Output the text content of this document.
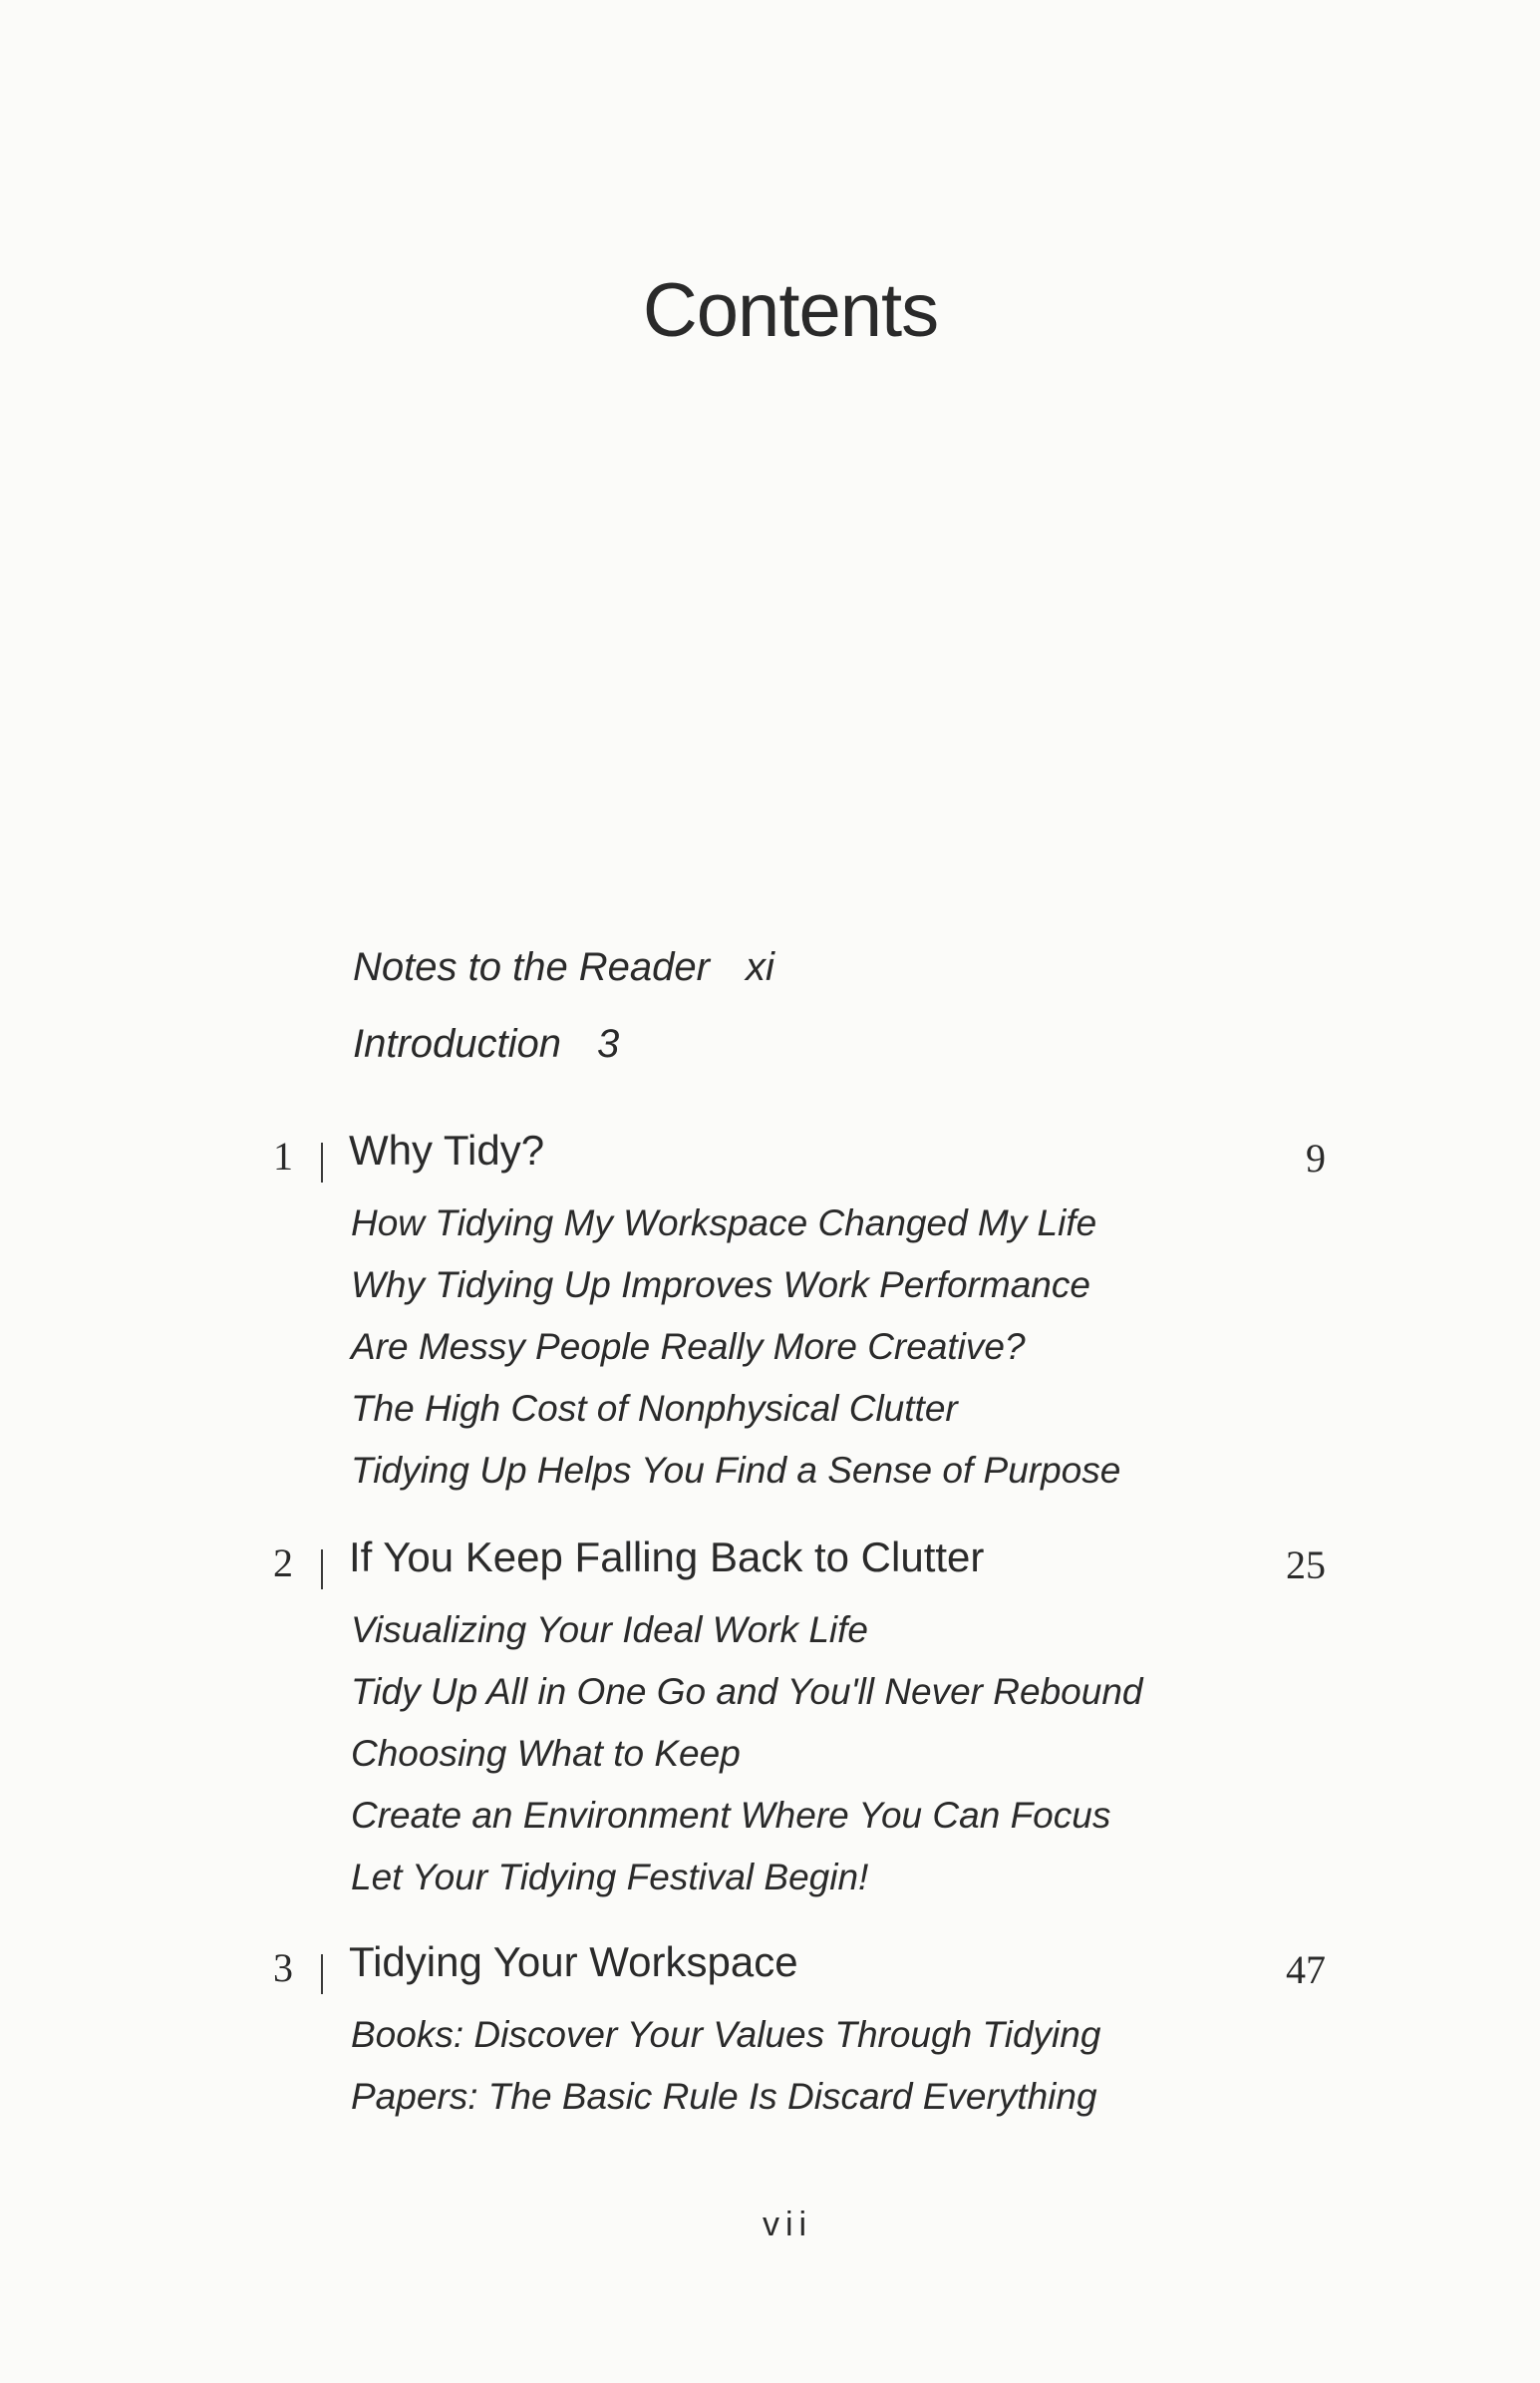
Contents
Notes to the Reader xi
Introduction 3
1 Why Tidy?	9
How Tidying My Workspace Changed My Life
Why Tidying Up Improves Work Performance
Are Messy People Really More Creative?
The High Cost of Nonphysical Clutter
Tidying Up Helps You Find a Sense of Purpose
2 If You Keep Falling Back to Clutter	25
Visualizing Your Ideal Work Life
Tidy Up All in One Go and You'll Never Rebound
Choosing What to Keep
Create an Environment Where You Can Focus
Let Your Tidying Festival Begin!
3 Tidying Your Workspace	47
Books: Discover Your Values Through Tidying
Papers: The Basic Rule Is Discard Everything
vii
